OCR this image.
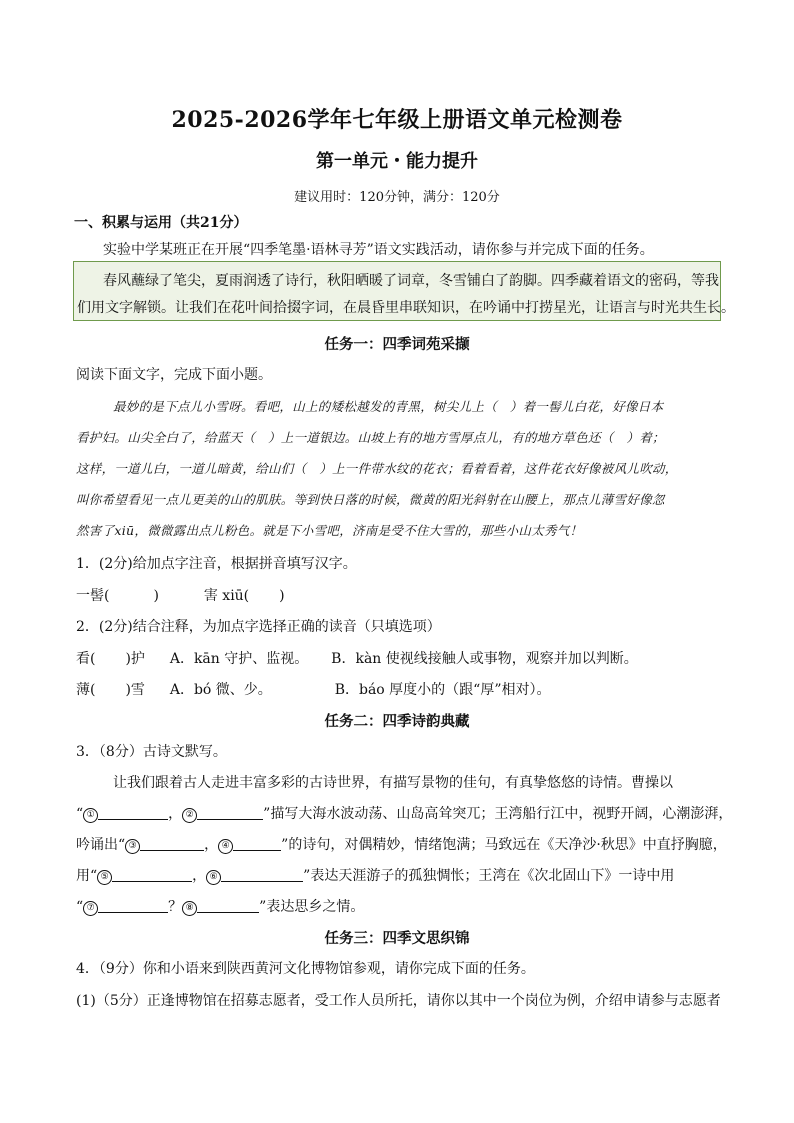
2025-2026学年七年级上册语文单元检测卷
第一单元・能力提升
建议用时：120分钟，满分：120分
一、积累与运用（共21分）
实验中学某班正在开展“四季笔墨·语林寻芳”语文实践活动，请你参与并完成下面的任务。
春风蘸绿了笔尖，夏雨润透了诗行，秋阳晒暖了词章，冬雪铺白了韵脚。四季藏着语文的密码，等我
们用文字解锁。让我们在花叶间拾掇字词，在晨昏里串联知识，在吟诵中打捞星光，让语言与时光共生长。
任务一：四季词苑采撷
阅读下面文字，完成下面小题。
最妙的是下点儿小雪呀。看吧，山上的矮松越发的青黑，树尖儿上（　）着一髻儿白花，好像日本
看护妇。山尖全白了，给蓝天（　）上一道银边。山坡上有的地方雪厚点儿，有的地方草色还（　）着；
这样，一道儿白，一道儿暗黄，给山们（　）上一件带水纹的花衣；看着看着，这件花衣好像被风儿吹动，
叫你希望看见一点儿更美的山的肌肤。等到快日落的时候，微黄的阳光斜射在山腰上，那点儿薄雪好像忽
然害了xiū，微微露出点儿粉色。就是下小雪吧，济南是受不住大雪的，那些小山太秀气！
1．(2分)给加点字注音，根据拼音填写汉字。
一髻(	)	害 xiū( )
2．(2分)结合注释，为加点字选择正确的读音（只填选项）
看( )护 A．kān 守护、监视。 B．kàn 使视线接触人或事物，观察并加以判断。
薄( )雪 A．bó 微、少。	B．báo 厚度小的（跟“厚”相对）。
任务二：四季诗韵典藏
3．（8分）古诗文默写。
让我们跟着古人走进丰富多彩的古诗世界，有描写景物的佳句，有真挚悠悠的诗情。曹操以
“ ①	， ②	”描写大海水波动荡、山岛高耸突兀；王湾船行江中，视野开阔，心潮澎湃，
吟诵出“ ③	， ④	”的诗句，对偶精妙，情绪饱满；马致远在《天净沙·秋思》中直抒胸臆，
用“ ⑤	， ⑥	”表达天涯游子的孤独惆怅；王湾在《次北固山下》一诗中用
“ ⑦	？ ⑧	”表达思乡之情。
任务三：四季文思织锦
4．（9分）你和小语来到陕西黄河文化博物馆参观，请你完成下面的任务。
(1)（5分）正逢博物馆在招募志愿者，受工作人员所托，请你以其中一个岗位为例，介绍申请参与志愿者
